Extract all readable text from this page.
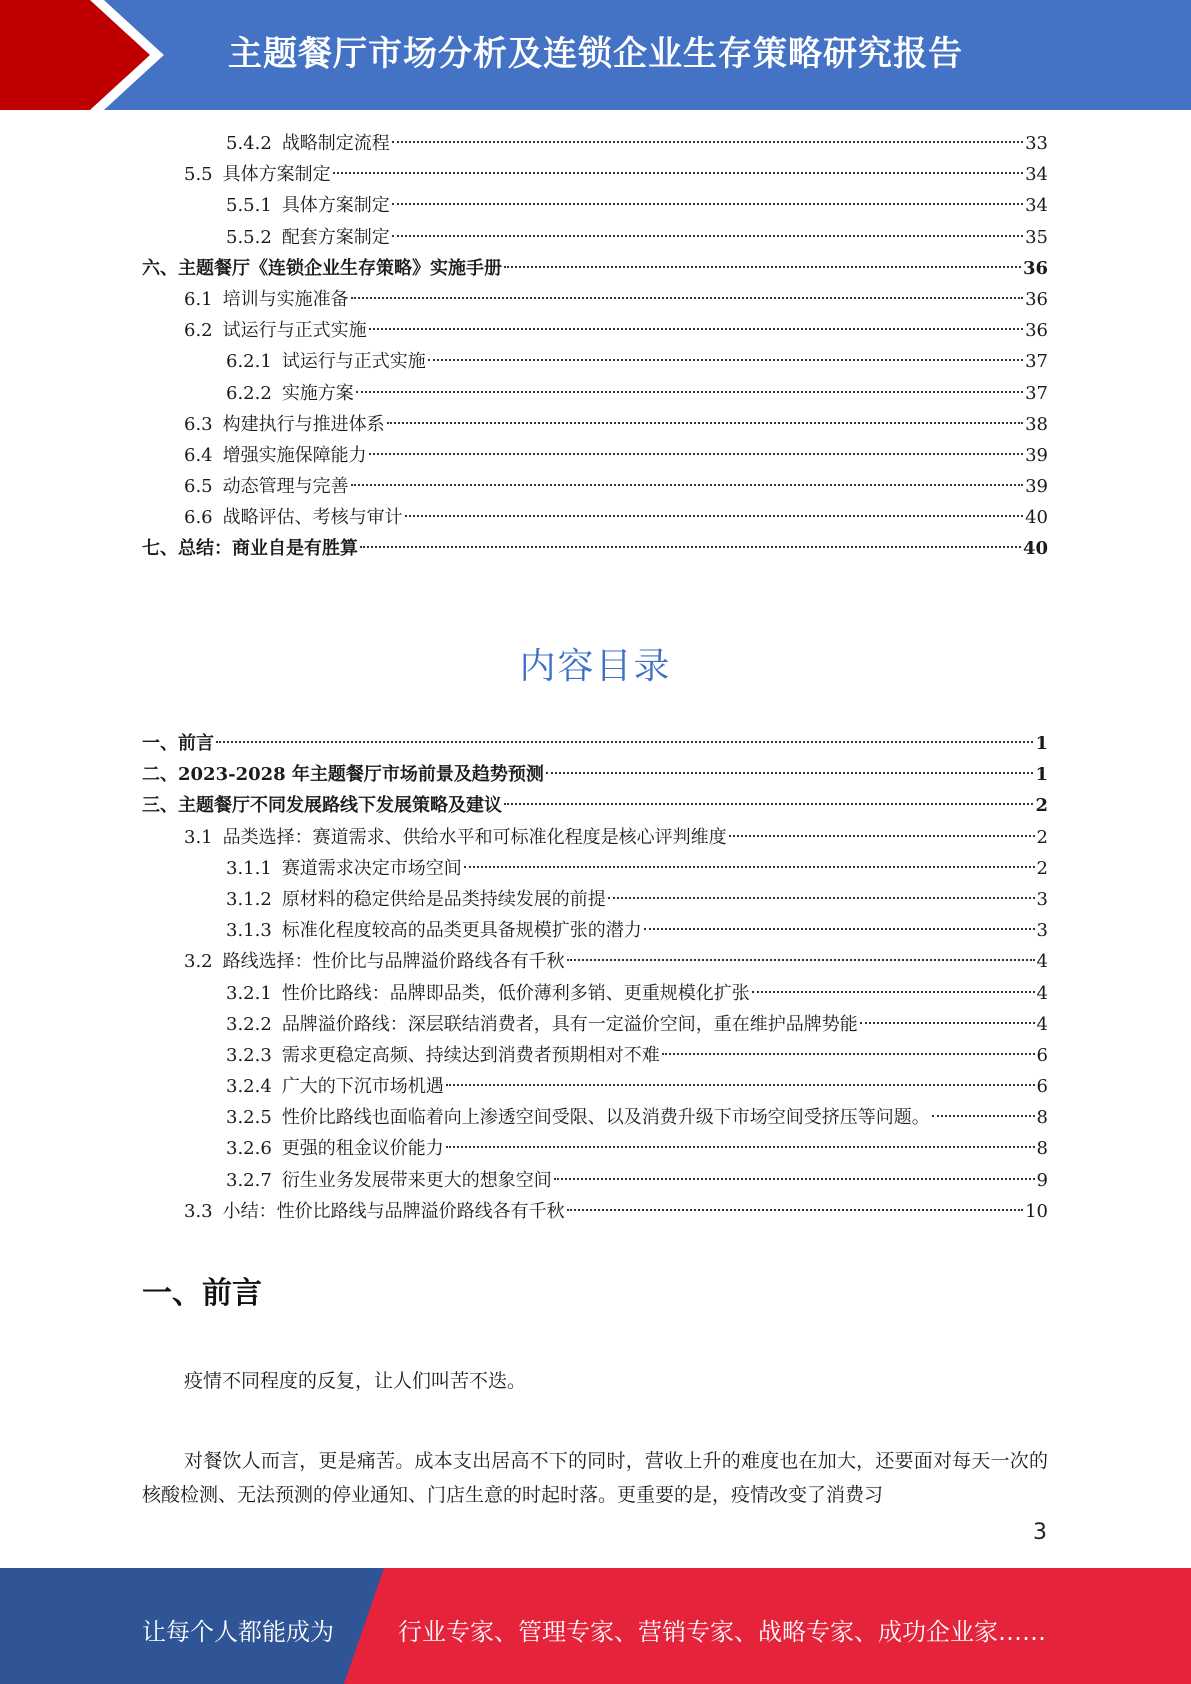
主题餐厅市场分析及连锁企业生存策略研究报告
5.4.2 战略制定流程	33
5.5 具体方案制定	34
5.5.1 具体方案制定	34
5.5.2 配套方案制定	35
六、 主题餐厅《连锁企业生存策略》实施手册	36
6.1 培训与实施准备	36
6.2 试运行与正式实施	36
6.2.1 试运行与正式实施	37
6.2.2 实施方案	37
6.3 构建执行与推进体系	38
6.4 增强实施保障能力	39
6.5 动态管理与完善	39
6.6 战略评估、考核与审计	40
七、 总结：商业自是有胜算	40
内容目录
一、 前言	1
二、 2023-2028 年主题餐厅市场前景及趋势预测	1
三、 主题餐厅不同发展路线下发展策略及建议	2
3.1 品类选择：赛道需求、供给水平和可标准化程度是核心评判维度	2
3.1.1 赛道需求决定市场空间	2
3.1.2 原材料的稳定供给是品类持续发展的前提	3
3.1.3 标准化程度较高的品类更具备规模扩张的潜力	3
3.2 路线选择：性价比与品牌溢价路线各有千秋	4
3.2.1 性价比路线：品牌即品类，低价薄利多销、更重规模化扩张	4
3.2.2 品牌溢价路线：深层联结消费者，具有一定溢价空间，重在维护品牌势能	4
3.2.3 需求更稳定高频、持续达到消费者预期相对不难	6
3.2.4 广大的下沉市场机遇	6
3.2.5 性价比路线也面临着向上渗透空间受限、以及消费升级下市场空间受挤压等问题。	8
3.2.6 更强的租金议价能力	8
3.2.7 衍生业务发展带来更大的想象空间	9
3.3 小结：性价比路线与品牌溢价路线各有千秋	10
一、前言
疫情不同程度的反复，让人们叫苦不迭。
对餐饮人而言，更是痛苦。成本支出居高不下的同时，营收上升的难度也在加大，还要面对每天一次的核酸检测、无法预测的停业通知、门店生意的时起时落。更重要的是，疫情改变了消费习
3
让每个人都能成为	行业专家、管理专家、营销专家、战略专家、成功企业家……
